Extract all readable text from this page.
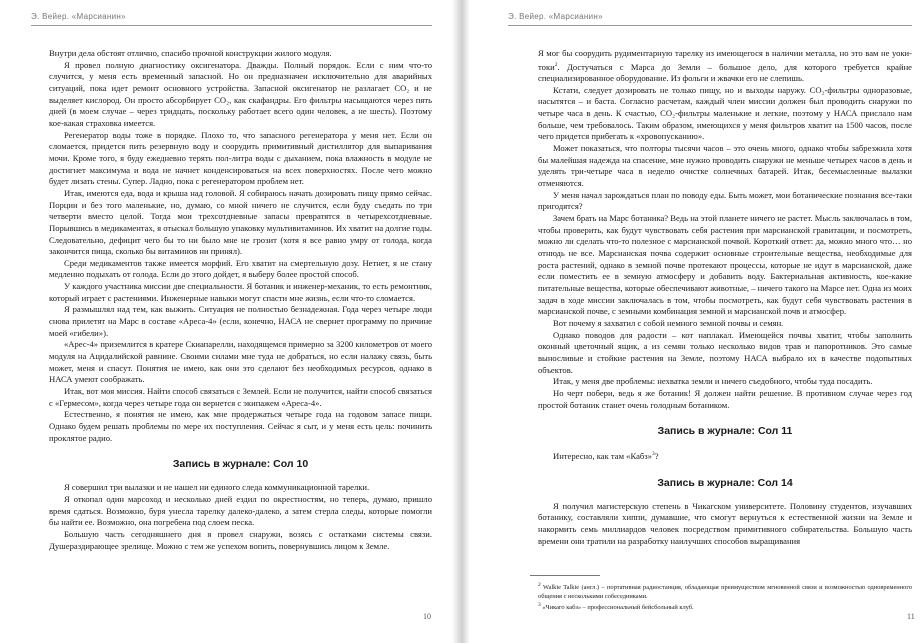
Э. Вейер. «Марсианин»

Внутри дела обстоят отлично, спасибо прочной конструкции жилого модуля.

Я провел полную диагностику оксигенатора. Дважды. Полный порядок. Если с ним что-то случится, у меня есть временный запасной. Но он предназначен исключительно для аварийных ситуаций, пока идет ремонт основного устройства. Запасной оксигенатор не разлагает CO₂ и не выделяет кислород. Он просто абсорбирует CO₂, как скафандры. Его фильтры насыщаются через пять дней (в моем случае – через тридцать, поскольку работает всего один человек, а не шесть). Поэтому кое-какая страховка имеется.

Регенератор воды тоже в порядке. Плохо то, что запасного регенератора у меня нет. Если он сломается, придется пить резервную воду и соорудить примитивный дистиллятор для выпаривания мочи. Кроме того, я буду ежедневно терять пол-литра воды с дыханием, пока влажность в модуле не достигнет максимума и вода не начнет конденсироваться на всех поверхностях. После чего можно будет лизать стены. Супер. Ладно, пока с регенератором проблем нет.

Итак, имеются еда, вода и крыша над головой. Я собираюсь начать дозировать пищу прямо сейчас. Порции и без того маленькие, но, думаю, со мной ничего не случится, если буду съедать по три четверти вместо целой. Тогда мои трехсотдневные запасы превратятся в четырехсотдневные. Порывшись в медикаментах, я отыскал большую упаковку мультивитаминов. Их хватит на долгие годы. Следовательно, дефицит чего бы то ни было мне не грозит (хотя я все равно умру от голода, когда закончится пища, сколько бы витаминов ни принял).

Среди медикаментов также имеется морфий. Его хватит на смертельную дозу. Нетнет, я не стану медленно подыхать от голода. Если до этого дойдет, я выберу более простой способ.

У каждого участника миссии две специальности. Я ботаник и инженер-механик, то есть ремонтник, который играет с растениями. Инженерные навыки могут спасти мне жизнь, если что-то сломается.

Я размышлял над тем, как выжить. Ситуация не полностью безнадежная. Года через четыре люди снова прилетят на Марс в составе «Ареса-4» (если, конечно, НАСА не свернет программу по причине моей «гибели»).

«Арес-4» приземлится в кратере Скиапарелли, находящемся примерно за 3200 километров от моего модуля на Ацидалийской равнине. Своими силами мне туда не добраться, но если налажу связь, быть может, меня и спасут. Понятия не имею, как они это сделают без необходимых ресурсов, однако в НАСА умеют соображать.

Итак, вот моя миссия. Найти способ связаться с Землей. Если не получится, найти способ связаться с «Гермесом», когда через четыре года он вернется с экипажем «Ареса-4».

Естественно, я понятия не имею, как мне продержаться четыре года на годовом запасе пищи. Однако будем решать проблемы по мере их поступления. Сейчас я сыт, и у меня есть цель: починить проклятое радио.

Запись в журнале: Сол 10

Я совершил три вылазки и не нашел ни единого следа коммуникационной тарелки.

Я откопал один марсоход и несколько дней ездил по окрестностям, но теперь, думаю, пришло время сдаться. Возможно, буря унесла тарелку далеко-далеко, а затем стерла следы, которые помогли бы найти ее. Возможно, она погребена под слоем песка.

Большую часть сегодняшнего дня я провел снаружи, возясь с остатками системы связи. Душераздирающее зрелище. Можно с тем же успехом вопить, повернувшись лицом к Земле.

10
Э. Вейер. «Марсианин»

Я мог бы соорудить рудиментарную тарелку из имеющегося в наличии металла, но это вам не уоки-токи$^2$. Достучаться с Марса до Земли – большое дело, для которого требуется крайне специализированное оборудование. Из фольги и жвачки его не слепишь.

Кстати, следует дозировать не только пищу, но и выходы наружу. CO₂-фильтры одноразовые, насытятся – и баста. Согласно расчетам, каждый член миссии должен был проводить снаружи по четыре часа в день. К счастью, CO₂-фильтры маленькие и легкие, поэтому у НАСА прислало нам больше, чем требовалось. Таким образом, имеющихся у меня фильтров хватит на 1500 часов, после чего придется прибегать к «хровопусканию».

Может показаться, что полторы тысячи часов – это очень много, однако чтобы забрезжила хотя бы малейшая надежда на спасение, мне нужно проводить снаружи не меньше четырех часов в день и уделять три-четыре часа в неделю очистке солнечных батарей. Итак, бесемысленные вылазки отменяются.

У меня начал зарождаться план по поводу еды. Быть может, мои ботанические познания все-таки пригодятся?

Зачем брать на Марс ботаника? Ведь на этой планете ничего не растет. Мысль заключалась в том, чтобы проверить, как будут чувствовать себя растения при марсианской гравитации, и посмотреть, можно ли сделать что-то полезное с марсианской почвой. Короткий ответ: да, можно много что… но отнюдь не все. Марсианская почва содержит основные строительные вещества, необходимые для роста растений, однако в земной почве протекают процессы, которые не идут в марсианской, даже если поместить ее в земную атмосферу и добавить воду. Бактериальная активность, кое-какие питательные вещества, которые обеспечивают животные, – ничего такого на Марсе нет. Одна из моих задач в ходе миссии заключалась в том, чтобы посмотреть, как будут себя чувствовать растения в марсианской почве, с земными комбинация земной и марсианской почв и атмосфер.

Вот почему я захватил с собой немного земной почвы и семян.

Однако поводов для радости – кот наплакал. Имеющейся почвы хватит, чтобы заполнить оконный цветочный ящик, а из семян только несколько видов трав и папоротников. Это самые выносливые и стойкие растения на Земле, поэтому НАСА выбрало их в качестве подопытных объектов.

Итак, у меня две проблемы: нехватка земли и ничего съедобного, чтобы туда посадить.

Но черт побери, ведь я же ботаник! Я должен найти решение. В противном случае через год простой ботаник станет очень голодным ботаником.

Запись в журнале: Сол 11

Интересно, как там «Кабз»$^3$?

Запись в журнале: Сол 14

Я получил магистерскую степень в Чикагском университете. Половину студентов, изучавших ботанику, составляли хиппи, думавшие, что смогут вернуться к естественной жизни на Земле и накормить семь миллиардов человек посредством примитивного собирательства. Большую часть времени они тратили на разработку наилучших способов выращивания

$^2$ Walkie Talkie (англ.) – портативная радиостанция, обладающая преимуществом мгновенной связи и возможностью одновременного общения с несколькими собеседниками.

$^3$ «Чикаго кабз» – профессиональный бейсбольный клуб.

11
